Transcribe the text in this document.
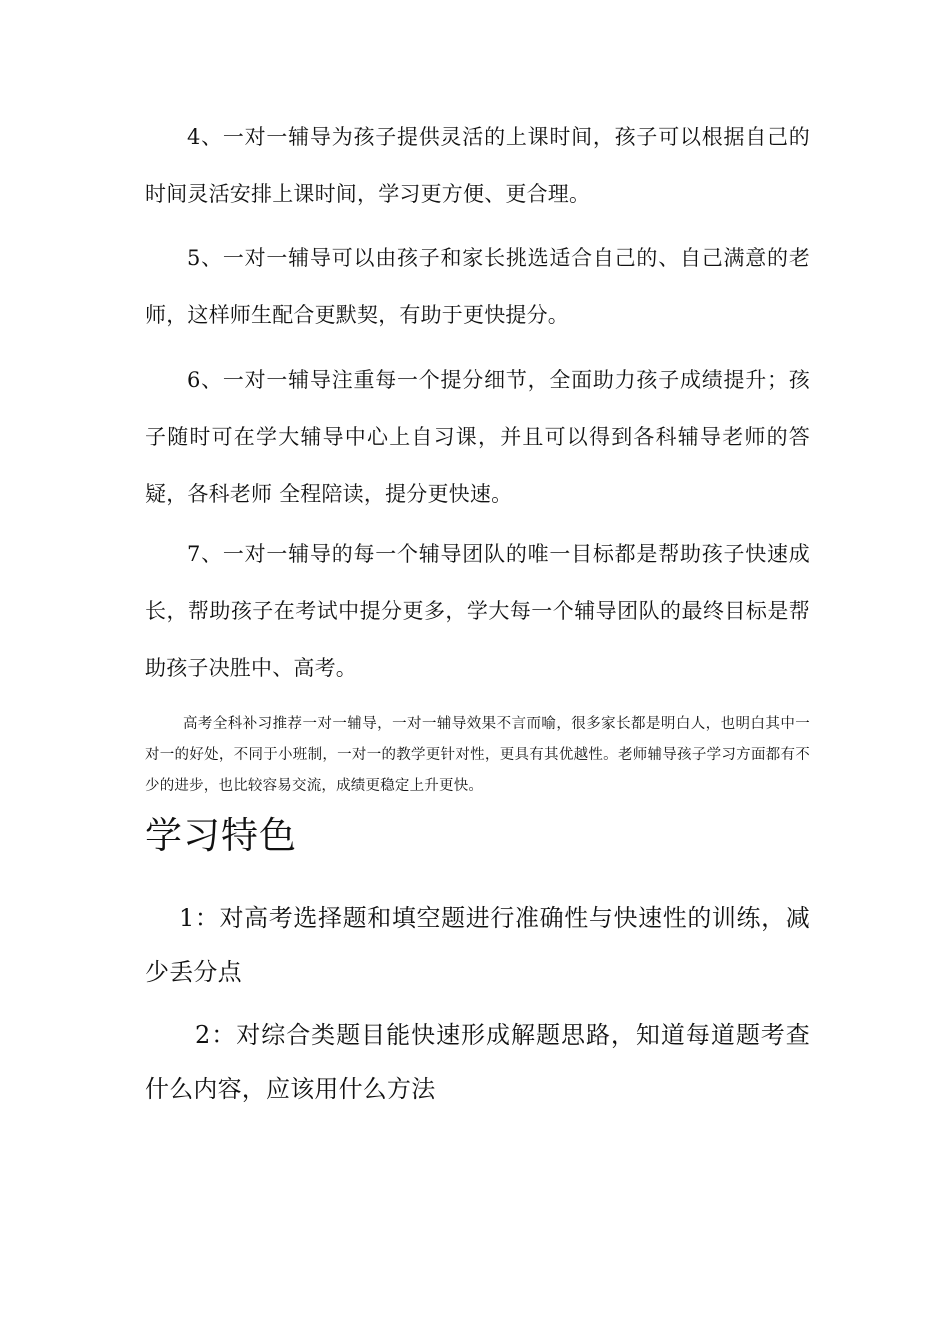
4、一对一辅导为孩子提供灵活的上课时间，孩子可以根据自己的时间灵活安排上课时间，学习更方便、更合理。

5、一对一辅导可以由孩子和家长挑选适合自己的、自己满意的老师，这样师生配合更默契，有助于更快提分。

6、一对一辅导注重每一个提分细节，全面助力孩子成绩提升；孩子随时可在学大辅导中心上自习课，并且可以得到各科辅导老师的答疑，各科老师 全程陪读，提分更快速。

7、一对一辅导的每一个辅导团队的唯一目标都是帮助孩子快速成长，帮助孩子在考试中提分更多，学大每一个辅导团队的最终目标是帮助孩子决胜中、高考。

高考全科补习推荐一对一辅导，一对一辅导效果不言而喻，很多家长都是明白人，也明白其中一对一的好处，不同于小班制，一对一的教学更针对性，更具有其优越性。老师辅导孩子学习方面都有不少的进步，也比较容易交流，成绩更稳定上升更快。

学习特色

1：对高考选择题和填空题进行准确性与快速性的训练，减少丢分点

2：对综合类题目能快速形成解题思路，知道每道题考查什么内容，应该用什么方法
